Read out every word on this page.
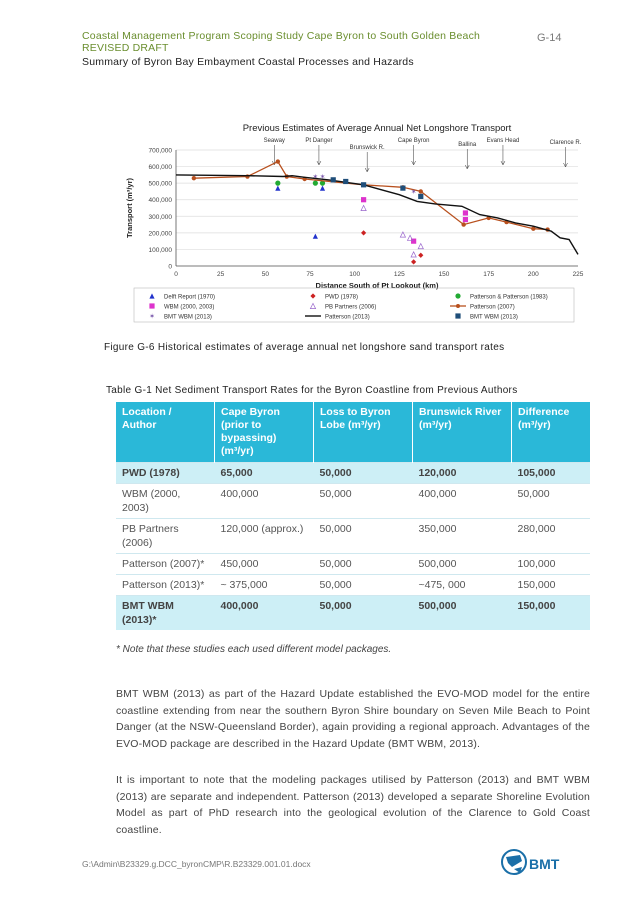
Coastal Management Program Scoping Study Cape Byron to South Golden Beach
REVISED DRAFT
G-14
Summary of Byron Bay Embayment Coastal Processes and Hazards
Previous Estimates of Average Annual Net Longshore Transport
0
100,000
200,000
300,000
400,000
500,000
600,000
700,000
0	25	50	75	100	125	150	175	200	225
Distance South of Pt Lookout (km)
Transport (m³/yr)
Seaway	Pt Danger
Brunswick R.
Cape Byron
Ballina
Evans Head	Clarence R.
✶ ✶
✶
Delft Report (1970)	PWD (1978)	Patterson & Patterson (1983)
WBM (2000, 2003)	PB Partners (2006)	Patterson (2007)
✶ BMT WBM (2013)	Patterson (2013)	BMT WBM (2013)
Figure G-6 Historical estimates of average annual net longshore sand transport rates
Table G-1 Net Sediment Transport Rates for the Byron Coastline from Previous Authors
Location / Author	Cape Byron (prior to bypassing) (m³/yr)	Loss to Byron Lobe (m³/yr)	Brunswick River (m³/yr)	Difference (m³/yr)
PWD (1978)	65,000	50,000	120,000	105,000
WBM (2000, 2003)	400,000	50,000	400,000	50,000
PB Partners (2006)	120,000 (approx.)	50,000	350,000	280,000
Patterson (2007)*	450,000	50,000	500,000	100,000
Patterson (2013)*	~ 375,000	50,000	~475, 000	150,000
BMT WBM (2013)*	400,000	50,000	500,000	150,000
* Note that these studies each used different model packages.
BMT WBM (2013) as part of the Hazard Update established the EVO-MOD model for the entire coastline extending from near the southern Byron Shire boundary on Seven Mile Beach to Point Danger (at the NSW-Queensland Border), again providing a regional approach. Advantages of the EVO-MOD package are described in the Hazard Update (BMT WBM, 2013).
It is important to note that the modeling packages utilised by Patterson (2013) and BMT WBM (2013) are separate and independent. Patterson (2013) developed a separate Shoreline Evolution Model as part of PhD research into the geological evolution of the Clarence to Gold Coast coastline.
G:\Admin\B23329.g.DCC_byronCMP\R.B23329.001.01.docx	BMT
